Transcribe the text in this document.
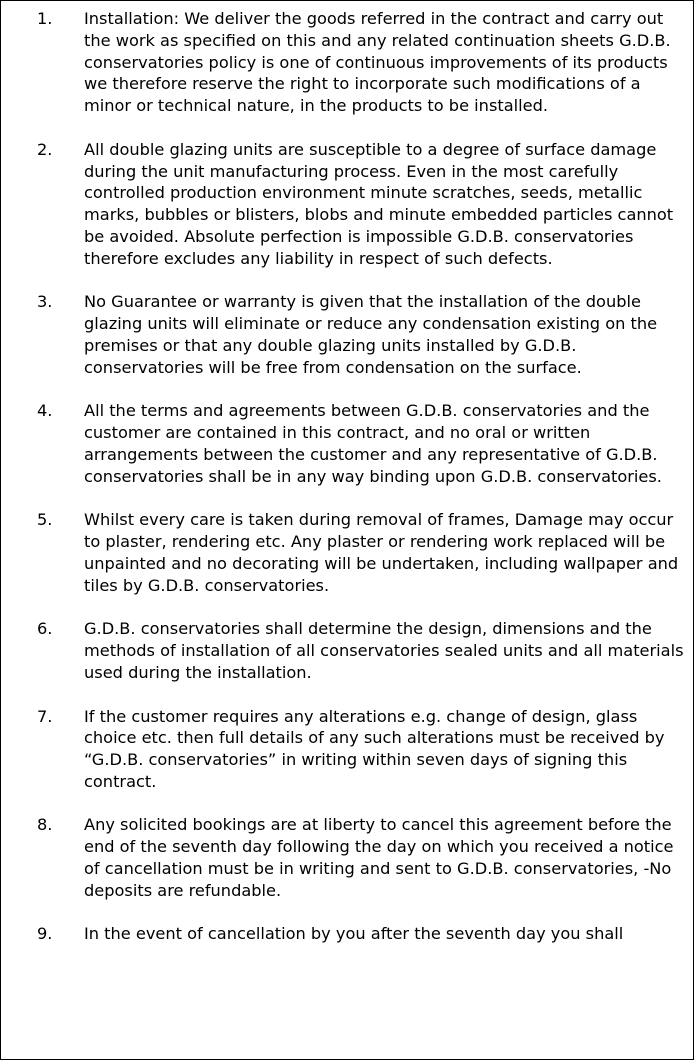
1. Installation: We deliver the goods referred in the contract and carry out the work as specified on this and any related continuation sheets G.D.B. conservatories policy is one of continuous improvements of its products we therefore reserve the right to incorporate such modifications of a minor or technical nature, in the products to be installed.
2. All double glazing units are susceptible to a degree of surface damage during the unit manufacturing process. Even in the most carefully controlled production environment minute scratches, seeds, metallic marks, bubbles or blisters, blobs and minute embedded particles cannot be avoided. Absolute perfection is impossible G.D.B. conservatories therefore excludes any liability in respect of such defects.
3. No Guarantee or warranty is given that the installation of the double glazing units will eliminate or reduce any condensation existing on the premises or that any double glazing units installed by G.D.B. conservatories will be free from condensation on the surface.
4. All the terms and agreements between G.D.B. conservatories and the customer are contained in this contract, and no oral or written arrangements between the customer and any representative of G.D.B. conservatories shall be in any way binding upon G.D.B. conservatories.
5. Whilst every care is taken during removal of frames, Damage may occur to plaster, rendering etc. Any plaster or rendering work replaced will be unpainted and no decorating will be undertaken, including wallpaper and tiles by G.D.B. conservatories.
6. G.D.B. conservatories shall determine the design, dimensions and the methods of installation of all conservatories sealed units and all materials used during the installation.
7. If the customer requires any alterations e.g. change of design, glass choice etc. then full details of any such alterations must be received by “G.D.B. conservatories” in writing within seven days of signing this contract.
8. Any solicited bookings are at liberty to cancel this agreement before the end of the seventh day following the day on which you received a notice of cancellation must be in writing and sent to G.D.B. conservatories, -No deposits are refundable.
9. In the event of cancellation by you after the seventh day you shall
